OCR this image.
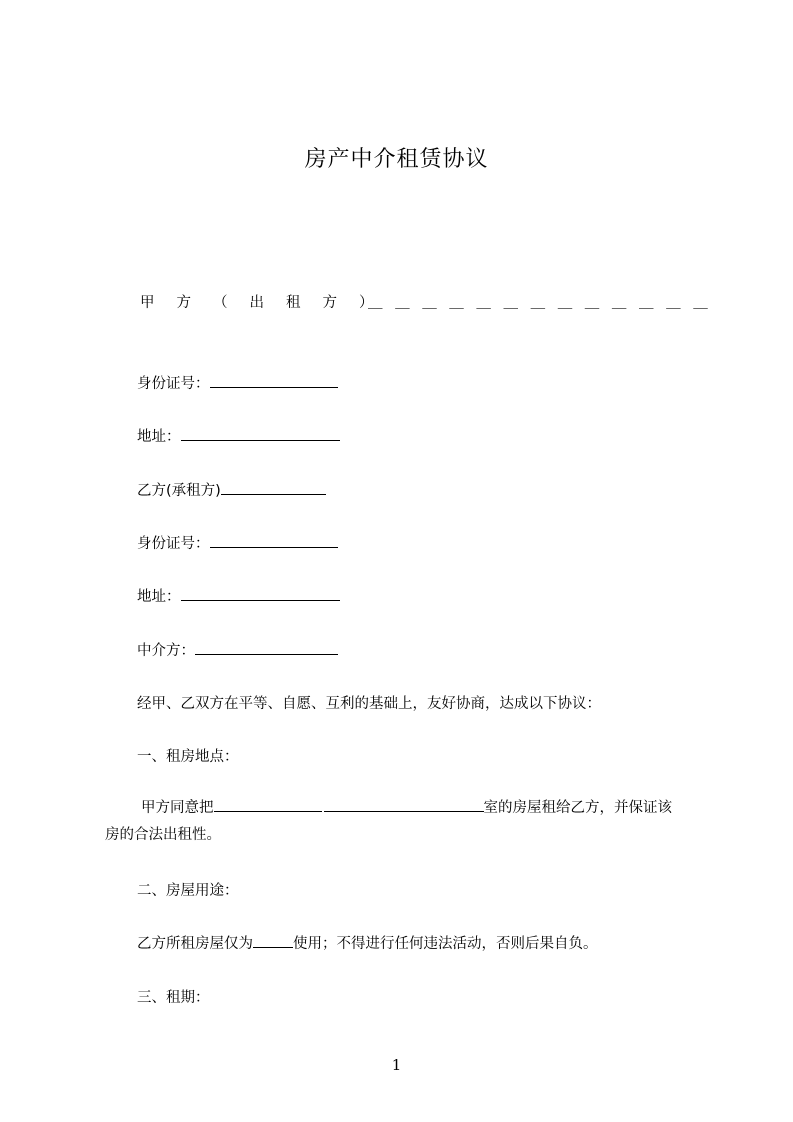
房产中介租赁协议
甲方（出租方）
＿＿＿＿＿＿＿＿＿＿＿＿＿
身份证号：
地址：
乙方(承租方)
身份证号：
地址：
中介方：
经甲、乙双方在平等、自愿、互利的基础上，友好协商，达成以下协议：
一、租房地点：
甲方同意把	室的房屋租给乙方，并保证该
房的合法出租性。
二、房屋用途：
乙方所租房屋仅为	使用；不得进行任何违法活动，否则后果自负。
三、租期：
1
